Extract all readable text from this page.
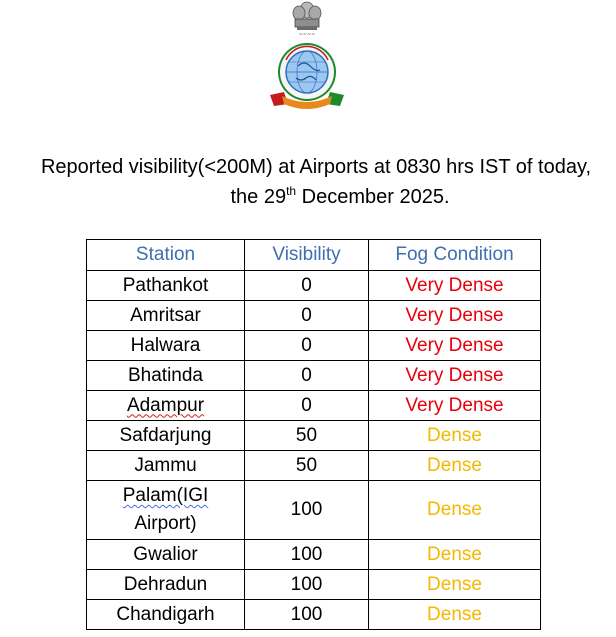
~~~~
Reported visibility(<200M) at Airports at 0830 hrs IST of today,
the 29th December 2025.
Station	Visibility	Fog Condition
Pathankot	0	Very Dense
Amritsar	0	Very Dense
Halwara	0	Very Dense
Bhatinda	0	Very Dense
Adampur	0	Very Dense
Safdarjung	50	Dense
Jammu	50	Dense
Palam(IGI
Airport)	100	Dense
Gwalior	100	Dense
Dehradun	100	Dense
Chandigarh	100	Dense
